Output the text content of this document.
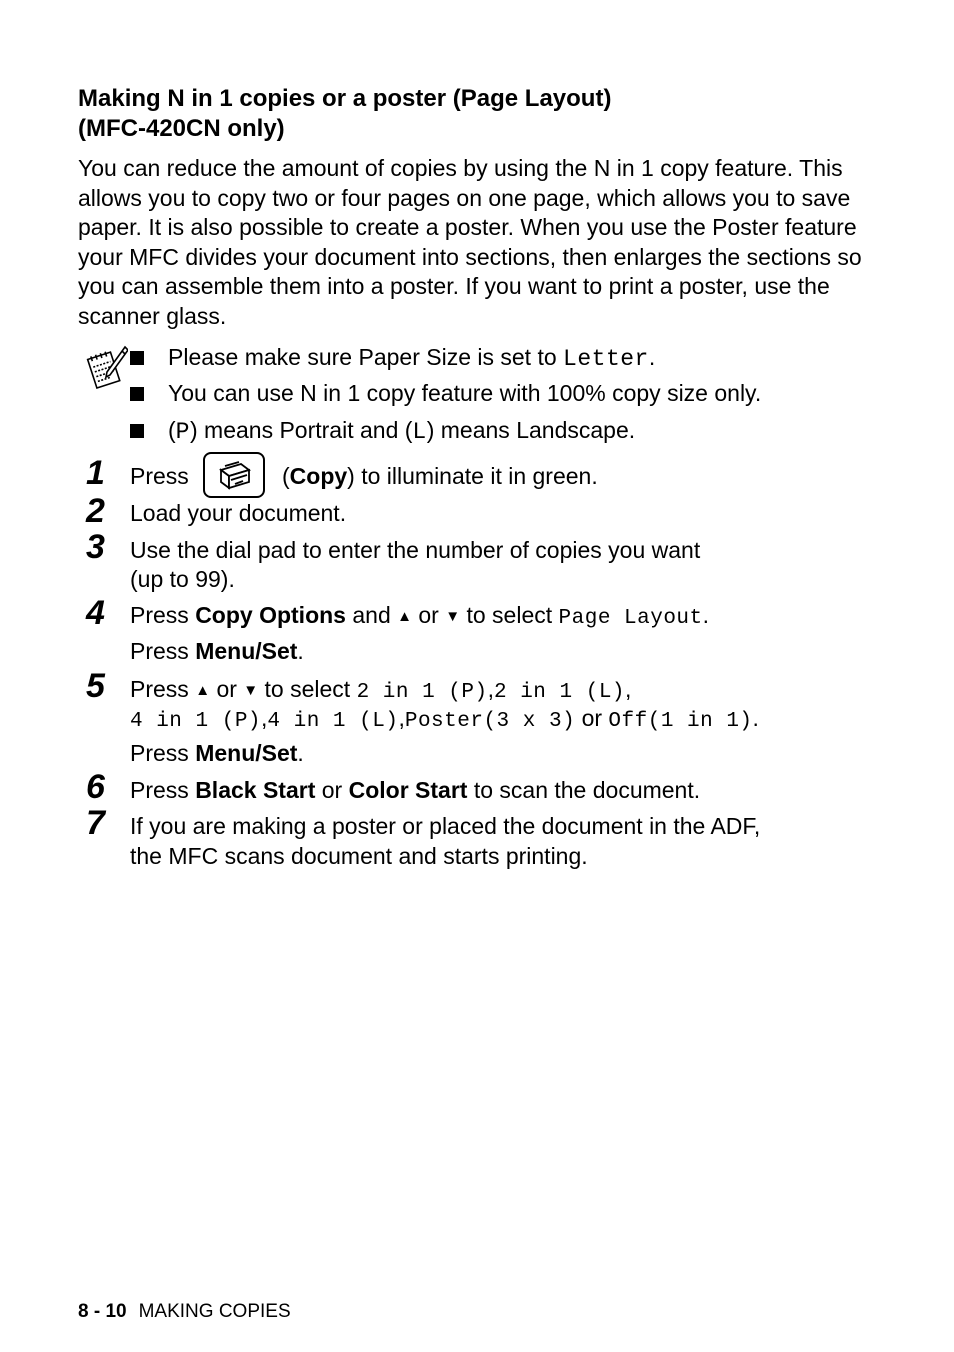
Making N in 1 copies or a poster (Page Layout)
(MFC-420CN only)

You can reduce the amount of copies by using the N in 1 copy feature. This allows you to copy two or four pages on one page, which allows you to save paper. It is also possible to create a poster. When you use the Poster feature your MFC divides your document into sections, then enlarges the sections so you can assemble them into a poster. If you want to print a poster, use the scanner glass.

Please make sure Paper Size is set to Letter.
You can use N in 1 copy feature with 100% copy size only.
(P) means Portrait and (L) means Landscape.
1 Press	(Copy) to illuminate it in green.
2 Load your document.
3 Use the dial pad to enter the number of copies you want
(up to 99).
4 Press Copy Options and ▲ or ▼ to select Page Layout.
Press Menu/Set.
5 Press ▲ or ▼ to select 2 in 1 (P),2 in 1 (L),
4 in 1 (P),4 in 1 (L),Poster(3 x 3) or Off(1 in 1).
Press Menu/Set.
6 Press Black Start or Color Start to scan the document.
7 If you are making a poster or placed the document in the ADF,
the MFC scans document and starts printing.
8 - 10 MAKING COPIES
